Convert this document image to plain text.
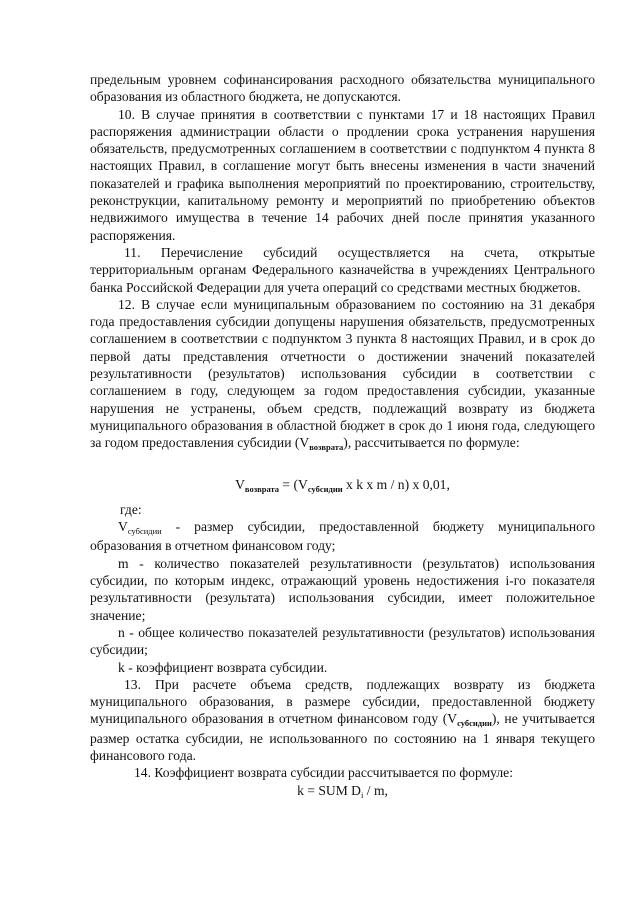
предельным уровнем софинансирования расходного обязательства муниципального образования из областного бюджета, не допускаются.

10. В случае принятия в соответствии с пунктами 17 и 18 настоящих Правил распоряжения администрации области о продлении срока устранения нарушения обязательств, предусмотренных соглашением в соответствии с подпунктом 4 пункта 8 настоящих Правил, в соглашение могут быть внесены изменения в части значений показателей и графика выполнения мероприятий по проектированию, строительству, реконструкции, капитальному ремонту и мероприятий по приобретению объектов недвижимого имущества в течение 14 рабочих дней после принятия указанного распоряжения.

11. Перечисление субсидий осуществляется на счета, открытые территориальным органам Федерального казначейства в учреждениях Центрального банка Российской Федерации для учета операций со средствами местных бюджетов.

12. В случае если муниципальным образованием по состоянию на 31 декабря года предоставления субсидии допущены нарушения обязательств, предусмотренных соглашением в соответствии с подпунктом 3 пункта 8 настоящих Правил, и в срок до первой даты представления отчетности о достижении значений показателей результативности (результатов) использования субсидии в соответствии с соглашением в году, следующем за годом предоставления субсидии, указанные нарушения не устранены, объем средств, подлежащий возврату из бюджета муниципального образования в областной бюджет в срок до 1 июня года, следующего за годом предоставления субсидии $(V_{возврата})$, рассчитывается по формуле:

$V_{возврата} = (V_{субсидии}$ x k x m / n) x 0,01,

где:

$V_{субсидии}$ - размер субсидии, предоставленной бюджету муниципального образования в отчетном финансовом году;

m - количество показателей результативности (результатов) использования субсидии, по которым индекс, отражающий уровень недостижения i-го показателя результативности (результата) использования субсидии, имеет положительное значение;

n - общее количество показателей результативности (результатов) использования субсидии;

k - коэффициент возврата субсидии.

13. При расчете объема средств, подлежащих возврату из бюджета муниципального образования, в размере субсидии, предоставленной бюджету муниципального образования в отчетном финансовом году $(V_{субсидии})$, не учитывается размер остатка субсидии, не использованного по состоянию на 1 января текущего финансового года.

14. Коэффициент возврата субсидии рассчитывается по формуле:

k = SUM $D_i$ / m,
